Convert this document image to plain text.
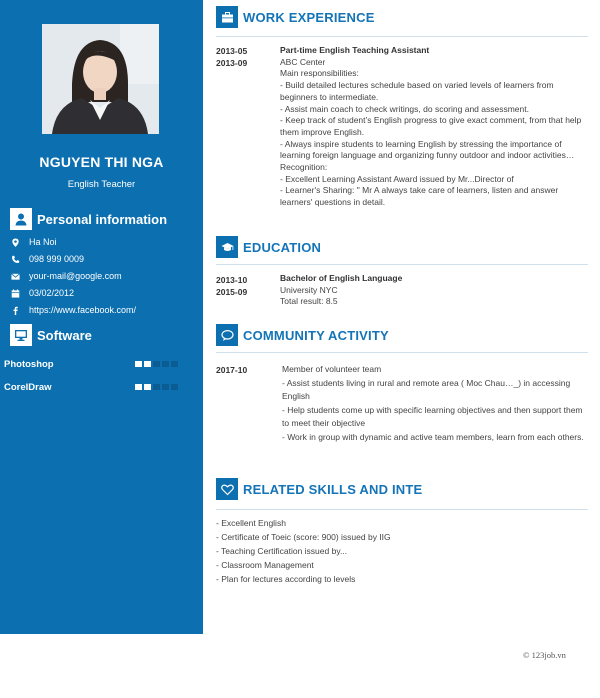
NGUYEN THI NGA
English Teacher
Personal information
Ha Noi
098 999 0009
your-mail@google.com
03/02/2012
https://www.facebook.com/
Software
Photoshop
CorelDraw
WORK EXPERIENCE
2013-05
2013-09
Part-time English Teaching Assistant
ABC Center
Main responsibilities:
- Build detailed lectures schedule based on varied levels of learners from beginners to intermediate.
- Assist main coach to check writings, do scoring and assessment.
- Keep track of student’s English progress to give exact comment, from that help them improve English.
- Always inspire students to learning English by stressing the importance of learning foreign language and organizing funny outdoor and indoor activities…
Recognition:
- Excellent Learning Assistant Award issued by Mr...Director of
- Learner's Sharing: " Mr A always take care of learners, listen and answer learners' questions in detail.
EDUCATION
2013-10
2015-09
Bachelor of English Language
University NYC
Total result: 8.5
COMMUNITY ACTIVITY
2017-10	Member of volunteer team
- Assist students living in rural and remote area ( Moc Chau…_) in accessing English
- Help students come up with specific learning objectives and then support them to meet their objective
- Work in group with dynamic and active team members, learn from each others.
RELATED SKILLS AND INTE
- Excellent English
- Certificate of Toeic (score: 900) issued by IIG
- Teaching Certification issued by...
- Classroom Management
- Plan for lectures according to levels
© 123job.vn
